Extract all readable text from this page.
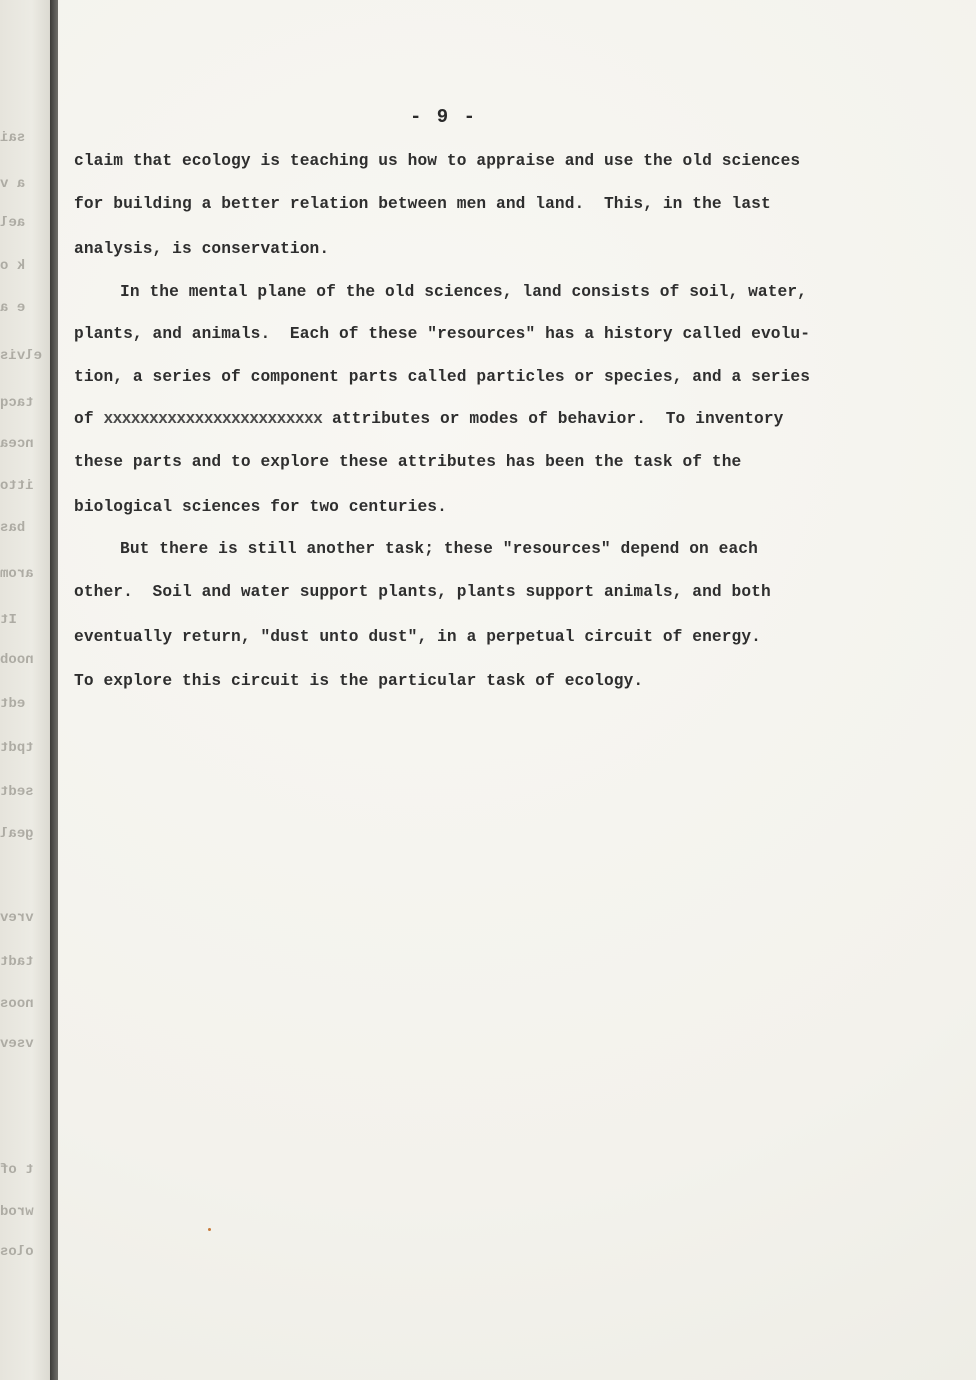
sai
a v
ael
k o
e a
elvis
tacq
ncea
itto
bas
arom
It
noob
edt
tpdt
sedt
geal
vrev
tadt
noos
vsev
t of
wrod
olos
- 9 -
claim that ecology is teaching us how to appraise and use the old sciences
for building a better relation between men and land.  This, in the last
analysis, is conservation.
In the mental plane of the old sciences, land consists of soil, water,
plants, and animals.  Each of these "resources" has a history called evolu-
tion, a series of component parts called particles or species, and a series
of xxxxxxxxxxxxxxxxxxxxxxxx attributes or modes of behavior.  To inventory
these parts and to explore these attributes has been the task of the
biological sciences for two centuries.
But there is still another task; these "resources" depend on each
other.  Soil and water support plants, plants support animals, and both
eventually return, "dust unto dust", in a perpetual circuit of energy.
To explore this circuit is the particular task of ecology.
